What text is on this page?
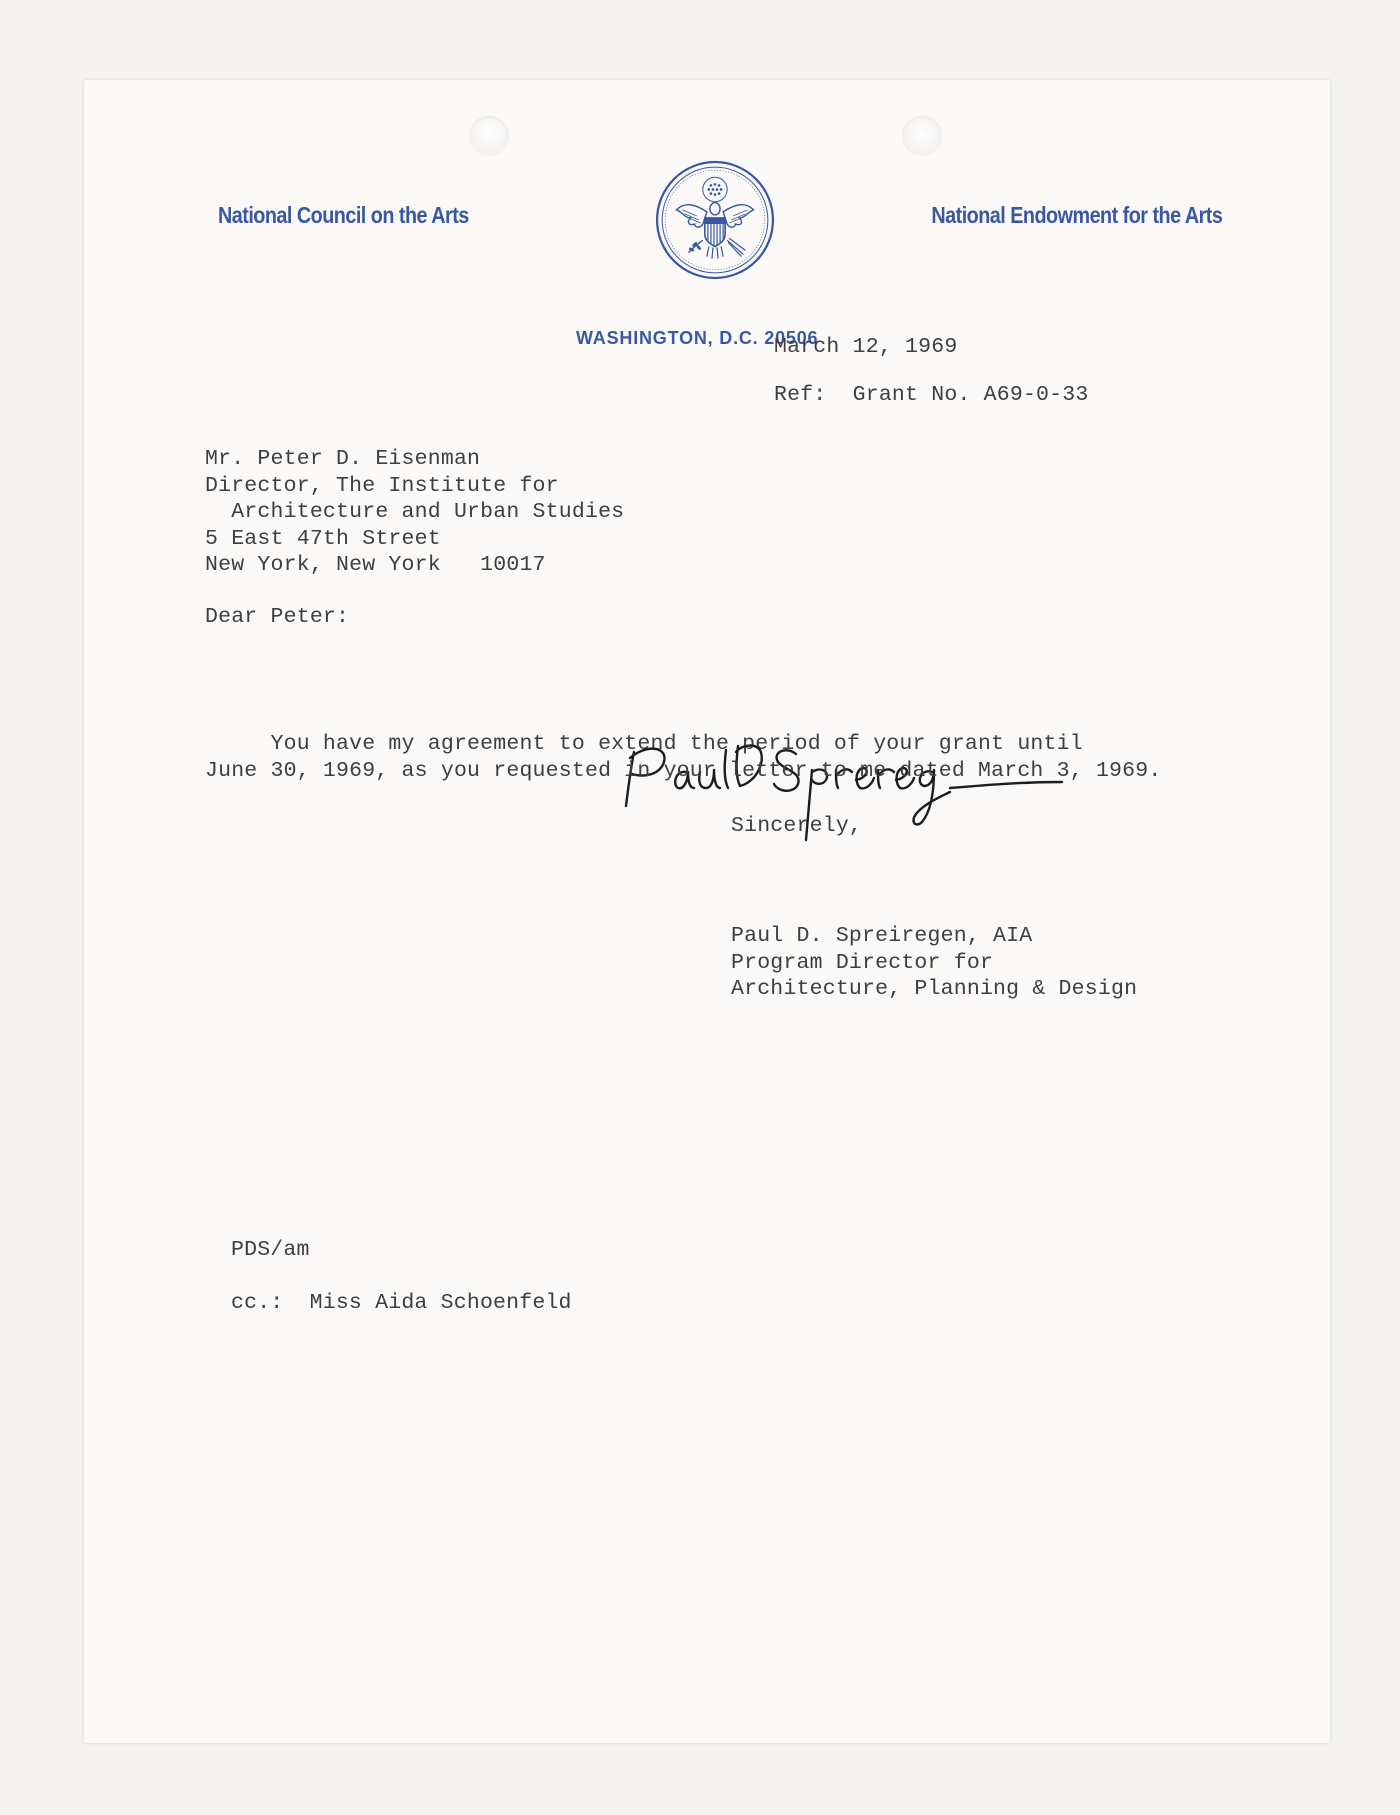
National Council on the Arts	National Endowment for the Arts
WASHINGTON, D.C. 20506
March 12, 1969
Ref:  Grant No. A69-0-33
Mr. Peter D. Eisenman
Director, The Institute for
Architecture and Urban Studies
5 East 47th Street
New York, New York   10017
Dear Peter:
You have my agreement to extend the period of your grant until
Sincerely,
Paul D. Spreiregen, AIA
Program Director for
Architecture, Planning & Design
June 30, 1969, as you requested in your letter to me dated March 3, 1969.
PDS/am
cc.:  Miss Aida Schoenfeld
